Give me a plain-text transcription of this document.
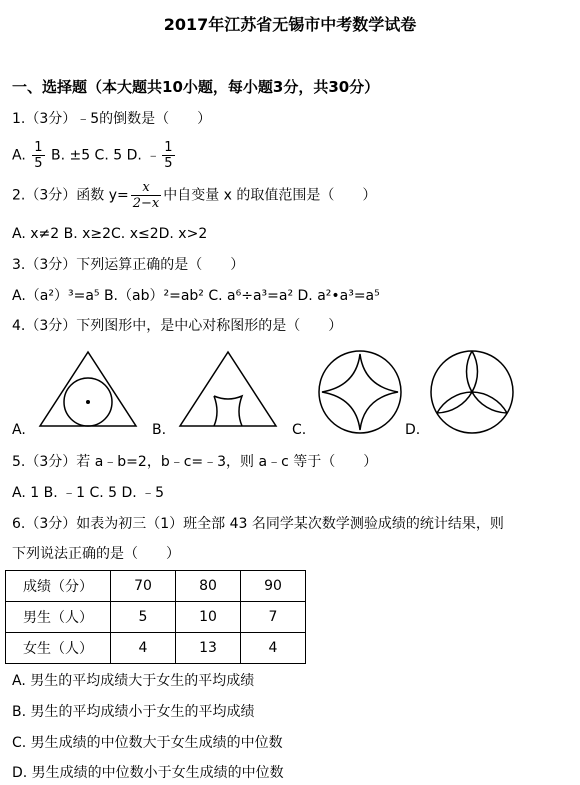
2017年江苏省无锡市中考数学试卷
一、选择题（本大题共10小题，每小题3分，共30分）
1.（3分）﹣5的倒数是（　　）
A. $\frac{1}{5} B$. ±5 C. 5 D. ﹣ $\frac{1}{5}$
2.（3分）函数 $y= \frac{x}{2-x}$ 中自变量 x 的取值范围是（　　）
A. x≠2 B. x≥2C. x≤2D. x>2
3.（3分）下列运算正确的是（　　）
A.（a²）³=a⁵ B.（ab）²=ab² C. a⁶÷a³=a² D. a²•a³=a⁵
4.（3分）下列图形中，是中心对称图形的是（　　）
A.	B.	C.	D.
5.（3分）若 a﹣b=2，b﹣c=﹣3，则 a﹣c 等于（　　）
A. 1 B. ﹣1 C. 5 D. ﹣5
6.（3分）如表为初三（1）班全部 43 名同学某次数学测验成绩的统计结果，则
下列说法正确的是（　　）
成绩（分）	70	80	90
男生（人）	5	10	7
女生（人）	4	13	4
A. 男生的平均成绩大于女生的平均成绩
B. 男生的平均成绩小于女生的平均成绩
C. 男生成绩的中位数大于女生成绩的中位数
D. 男生成绩的中位数小于女生成绩的中位数
